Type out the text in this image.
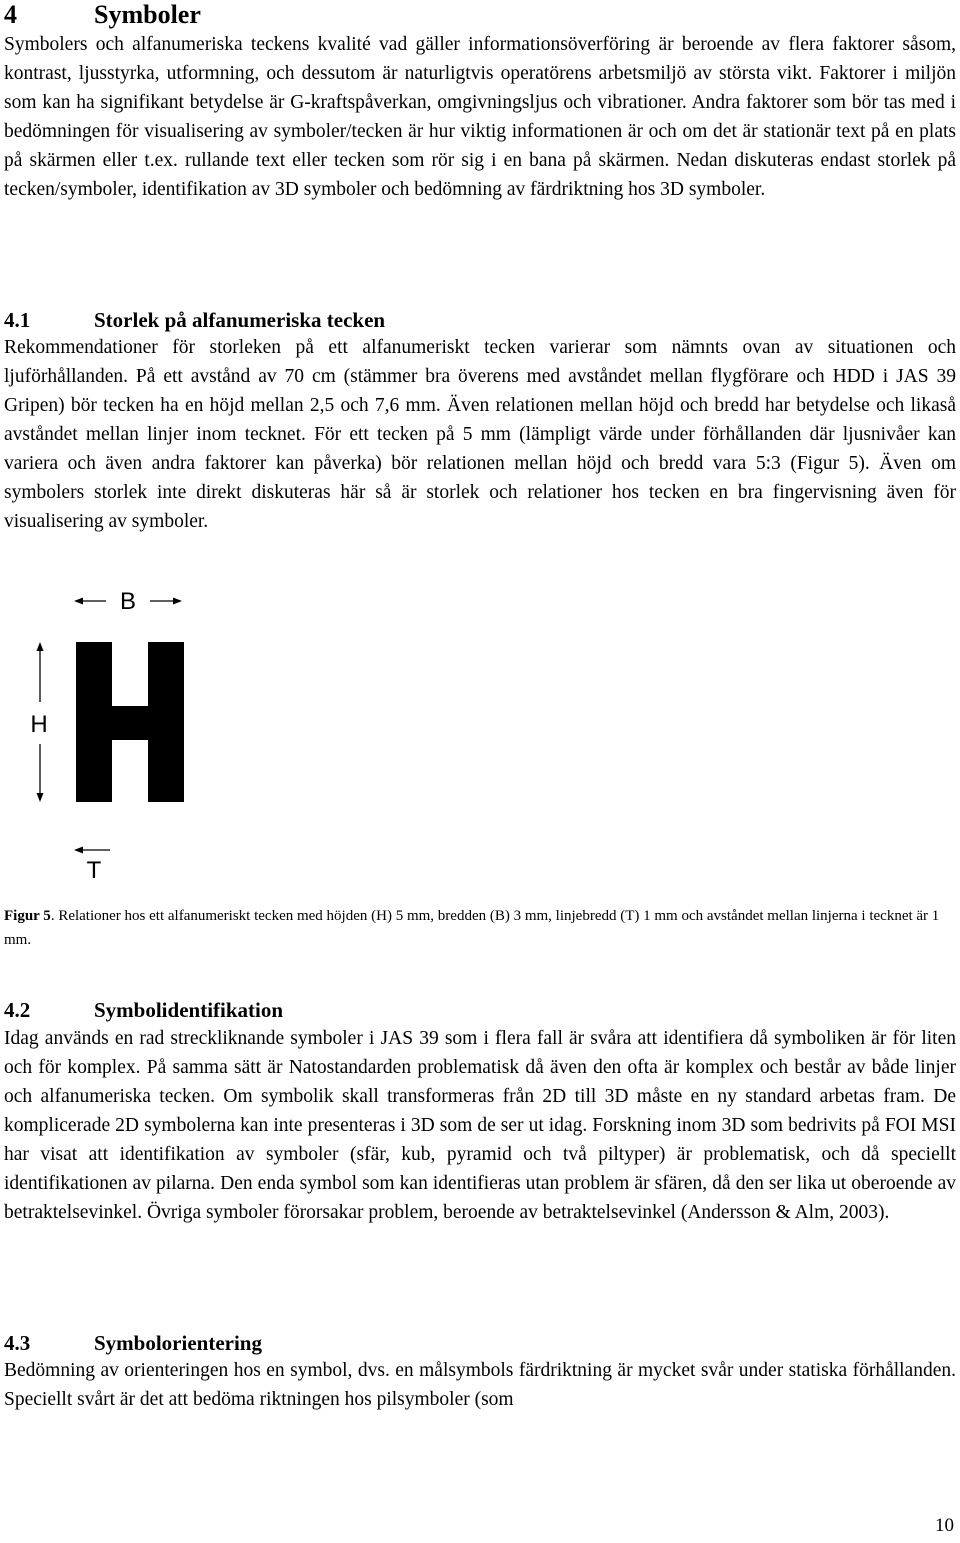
4	Symboler

Symbolers och alfanumeriska teckens kvalité vad gäller informationsöverföring är beroende av flera faktorer såsom, kontrast, ljusstyrka, utformning, och dessutom är naturligtvis operatörens arbetsmiljö av största vikt. Faktorer i miljön som kan ha signifikant betydelse är G-kraftspåverkan, omgivningsljus och vibrationer. Andra faktorer som bör tas med i bedömningen för visualisering av symboler/tecken är hur viktig informationen är och om det är stationär text på en plats på skärmen eller t.ex. rullande text eller tecken som rör sig i en bana på skärmen. Nedan diskuteras endast storlek på tecken/symboler, identifikation av 3D symboler och bedömning av färdriktning hos 3D symboler.

4.1	Storlek på alfanumeriska tecken

Rekommendationer för storleken på ett alfanumeriskt tecken varierar som nämnts ovan av situationen och ljuförhållanden. På ett avstånd av 70 cm (stämmer bra överens med avståndet mellan flygförare och HDD i JAS 39 Gripen) bör tecken ha en höjd mellan 2,5 och 7,6 mm. Även relationen mellan höjd och bredd har betydelse och likaså avståndet mellan linjer inom tecknet. För ett tecken på 5 mm (lämpligt värde under förhållanden där ljusnivåer kan variera och även andra faktorer kan påverka) bör relationen mellan höjd och bredd vara 5:3 (Figur 5). Även om symbolers storlek inte direkt diskuteras här så är storlek och relationer hos tecken en bra fingervisning även för visualisering av symboler.

B
H
T

Figur 5. Relationer hos ett alfanumeriskt tecken med höjden (H) 5 mm, bredden (B) 3 mm, linjebredd (T) 1 mm och avståndet mellan linjerna i tecknet är 1 mm.

4.2	Symbolidentifikation

Idag används en rad streckliknande symboler i JAS 39 som i flera fall är svåra att identifiera då symboliken är för liten och för komplex. På samma sätt är Natostandarden problematisk då även den ofta är komplex och består av både linjer och alfanumeriska tecken. Om symbolik skall transformeras från 2D till 3D måste en ny standard arbetas fram. De komplicerade 2D symbolerna kan inte presenteras i 3D som de ser ut idag. Forskning inom 3D som bedrivits på FOI MSI har visat att identifikation av symboler (sfär, kub, pyramid och två piltyper) är problematisk, och då speciellt identifikationen av pilarna. Den enda symbol som kan identifieras utan problem är sfären, då den ser lika ut oberoende av betraktelsevinkel. Övriga symboler förorsakar problem, beroende av betraktelsevinkel (Andersson & Alm, 2003).

4.3	Symbolorientering

Bedömning av orienteringen hos en symbol, dvs. en målsymbols färdriktning är mycket svår under statiska förhållanden. Speciellt svårt är det att bedöma riktningen hos pilsymboler (som

10
